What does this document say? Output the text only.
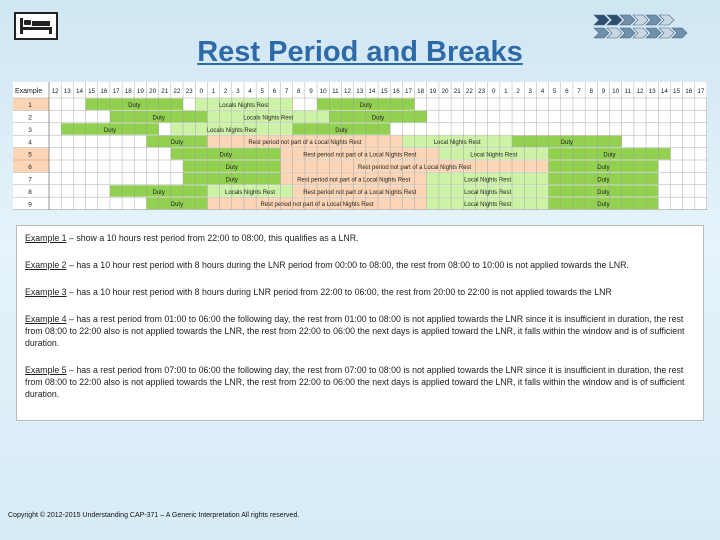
Rest Period and Breaks
Example 12 13 14 15 16 17 18 19 20 21 22 23 0 1 2 3 4 5 6 7 8 9 10 11 12 13 14 15 16 17 18 19 20 21 22 23 0 1 2 3 4 5 6 7 8 9 10 11 12 13 14 15 16 17
1	Duty	Locals Nights Rest	Duty
2	Duty	Locals Nights Rest	Duty
3	Duty	Locals Nights Rest	Duty
4	Duty	Rest period not part of a Local Nights Rest	Local Nights Rest	Duty
5	Duty	Rest period not part of a Local Nights Rest	Local Nights Rest	Duty
6	Duty	Rest period not part of a Local Nights Rest	Duty
7	Duty	Rest period not part of a Local Nights Rest	Local Nights Rest	Duty
8	Duty	Locals Nights Rest	Rest period not part of a Local Nights Rest	Local Nights Rest	Duty
9	Duty	Rest period not part of a Local Nights Rest	Local Nights Rest	Duty
Example 1 – show a 10 hours rest period from 22:00 to 08:00, this qualifies as a LNR.
Example 2 – has a 10 hour rest period with 8 hours during the LNR period from 00:00 to 08:00, the rest from 08:00 to 10:00 is not applied towards the LNR.
Example 3 – has a 10 hour rest period with 8 hours during LNR period from 22:00 to 06:00, the rest from 20:00 to 22:00 is not applied towards the LNR
Example 4 – has a rest period from 01:00 to 06:00 the following day, the rest from 01:00 to 08:00 is not applied towards the LNR since it is insufficient in duration, the rest from 08:00 to 22:00 also is not applied towards the LNR, the rest from 22:00 to 06:00 the next days is applied toward the LNR, it falls within the window and is of sufficient duration.
Example 5 – has a rest period from 07:00 to 06:00 the following day, the rest from 07:00 to 08:00 is not applied towards the LNR since it is insufficient in duration, the rest from 08:00 to 22:00 also is not applied towards the LNR, the rest from 22:00 to 06:00 the next days is applied toward the LNR, it falls within the window and is of sufficient duration.
Copyright © 2012-2015 Understanding CAP-371 – A Generic Interpretation All rights reserved.
